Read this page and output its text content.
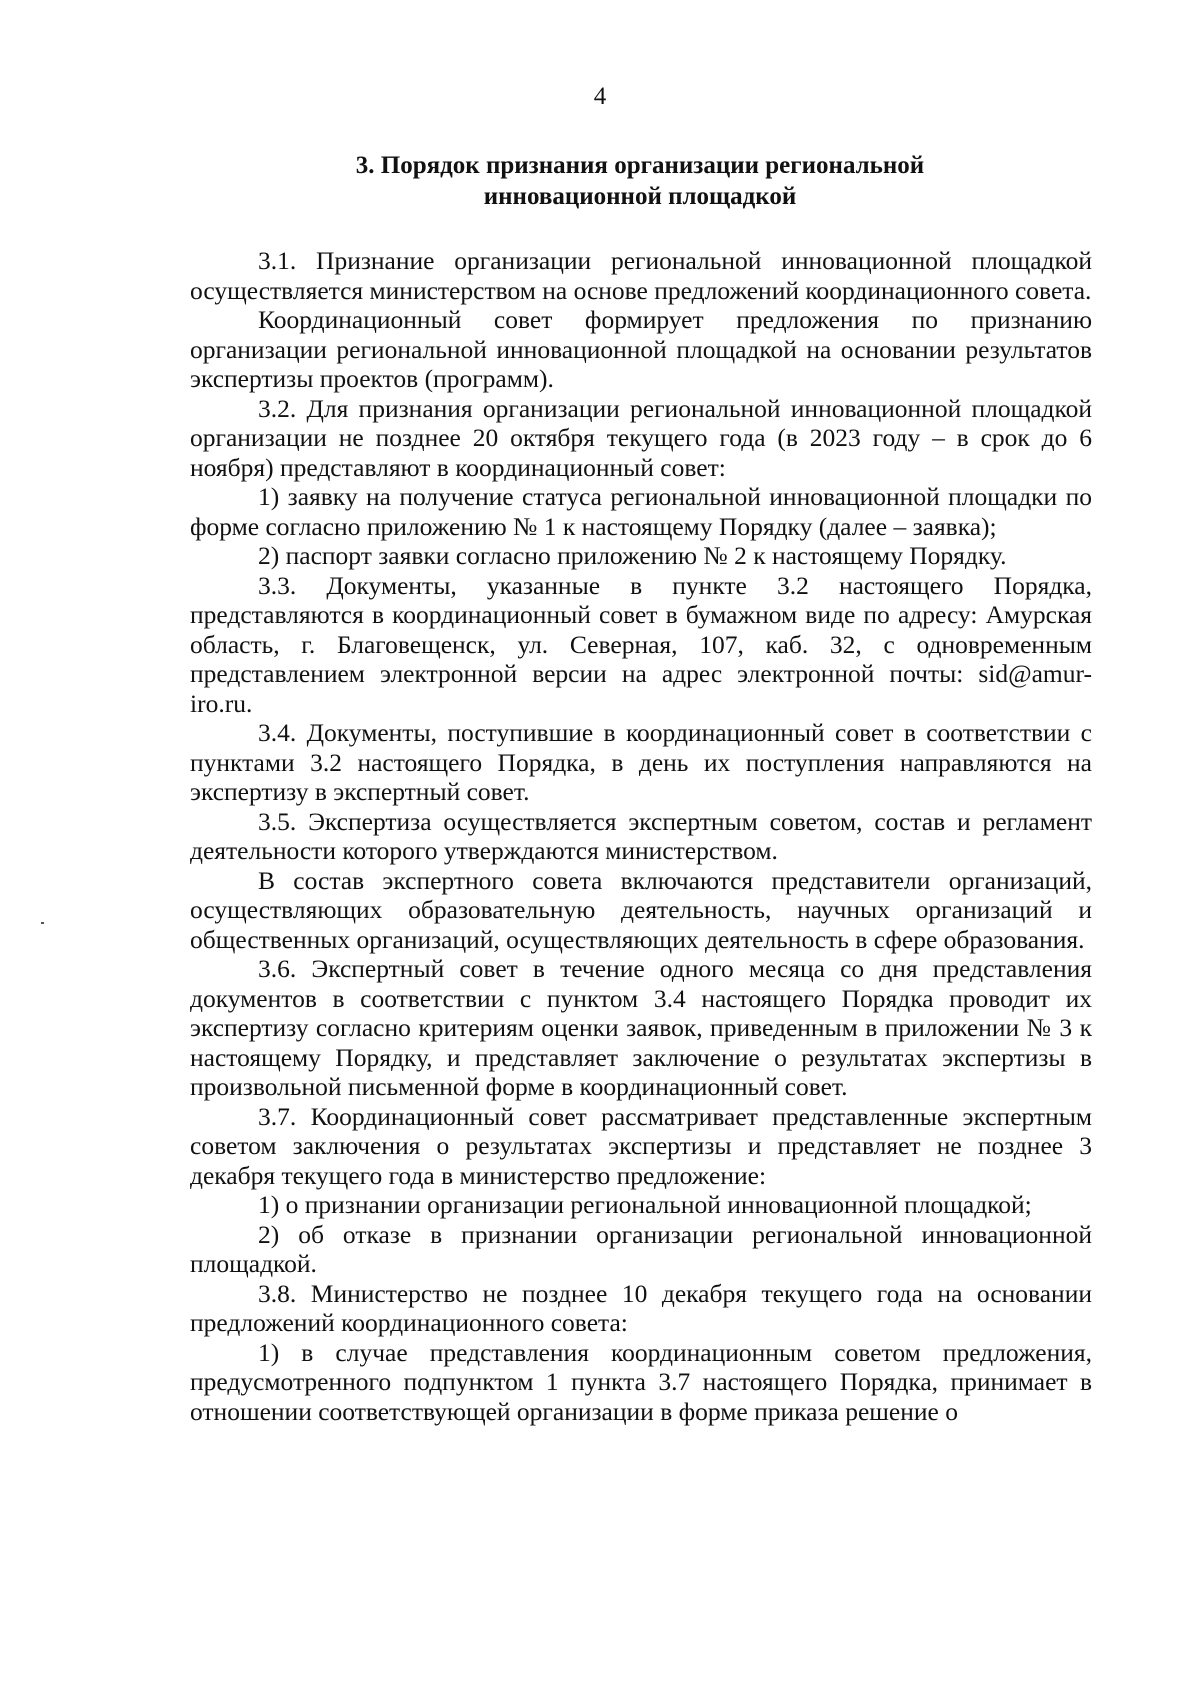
4
3. Порядок признания организации региональной
инновационной площадкой

3.1. Признание организации региональной инновационной площадкой осуществляется министерством на основе предложений координационного совета.

Координационный совет формирует предложения по признанию организации региональной инновационной площадкой на основании результатов экспертизы проектов (программ).

3.2. Для признания организации региональной инновационной площадкой организации не позднее 20 октября текущего года (в 2023 году – в срок до 6 ноября) представляют в координационный совет:

1) заявку на получение статуса региональной инновационной площадки по форме согласно приложению № 1 к настоящему Порядку (далее – заявка);

2) паспорт заявки согласно приложению № 2 к настоящему Порядку.

3.3. Документы, указанные в пункте 3.2 настоящего Порядка, представляются в координационный совет в бумажном виде по адресу: Амурская область, г. Благовещенск, ул. Северная, 107, каб. 32, с одновременным представлением электронной версии на адрес электронной почты: sid@amur-iro.ru.

3.4. Документы, поступившие в координационный совет в соответствии с пунктами 3.2 настоящего Порядка, в день их поступления направляются на экспертизу в экспертный совет.

3.5. Экспертиза осуществляется экспертным советом, состав и регламент деятельности которого утверждаются министерством.

В состав экспертного совета включаются представители организаций, осуществляющих образовательную деятельность, научных организаций и общественных организаций, осуществляющих деятельность в сфере образования.

3.6. Экспертный совет в течение одного месяца со дня представления документов в соответствии с пунктом 3.4 настоящего Порядка проводит их экспертизу согласно критериям оценки заявок, приведенным в приложении № 3 к настоящему Порядку, и представляет заключение о результатах экспертизы в произвольной письменной форме в координационный совет.

3.7. Координационный совет рассматривает представленные экспертным советом заключения о результатах экспертизы и представляет не позднее 3 декабря текущего года в министерство предложение:

1) о признании организации региональной инновационной площадкой;

2) об отказе в признании организации региональной инновационной площадкой.

3.8. Министерство не позднее 10 декабря текущего года на основании предложений координационного совета:

1) в случае представления координационным советом предложения, предусмотренного подпунктом 1 пункта 3.7 настоящего Порядка, принимает в отношении соответствующей организации в форме приказа решение о
